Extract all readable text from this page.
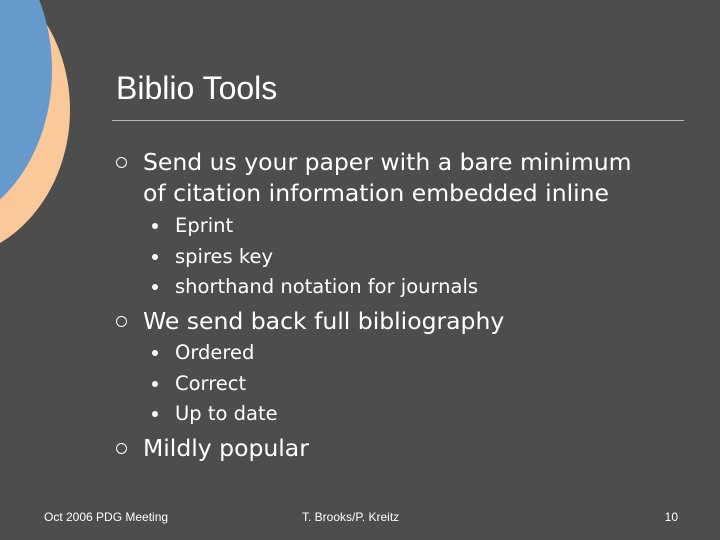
Biblio Tools
Send us your paper with a bare minimum
of citation information embedded inline
Eprint
spires key
shorthand notation for journals
We send back full bibliography
Ordered
Correct
Up to date
Mildly popular
Oct 2006 PDG Meeting	T. Brooks/P. Kreitz	10
